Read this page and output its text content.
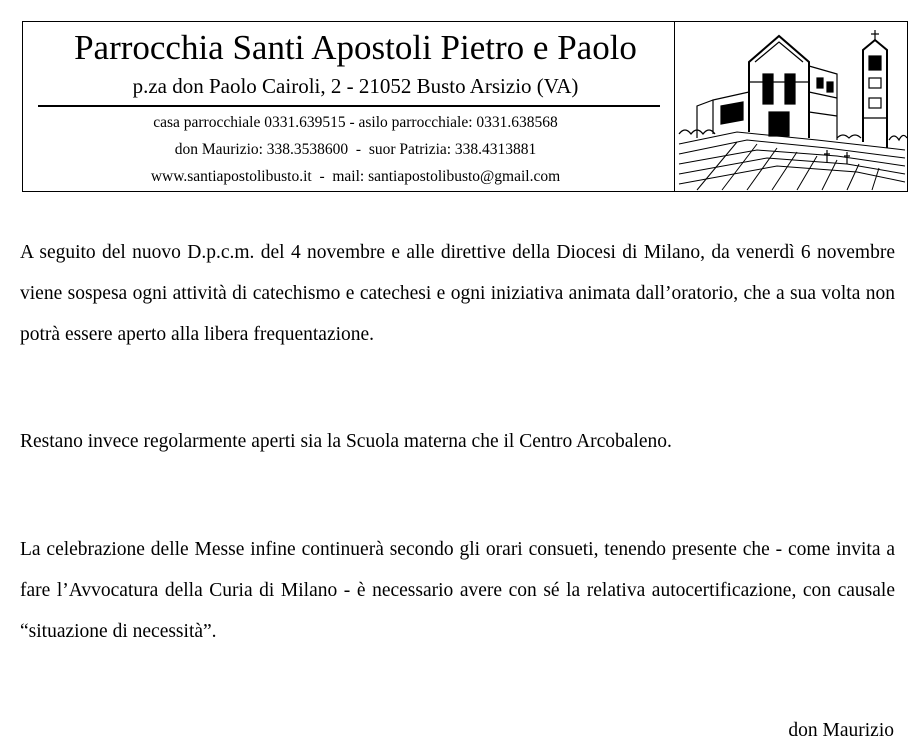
Parrocchia Santi Apostoli Pietro e Paolo
p.za don Paolo Cairoli, 2 - 21052 Busto Arsizio (VA)
casa parrocchiale 0331.639515 - asilo parrocchiale: 0331.638568
don Maurizio: 338.3538600  -  suor Patrizia: 338.4313881
www.santiapostolibusto.it  -  mail: santiapostolibusto@gmail.com

A seguito del nuovo D.p.c.m. del 4 novembre e alle direttive della Diocesi di Milano, da venerdì 6 novembre viene sospesa ogni attività di catechismo e catechesi e ogni iniziativa animata dall’oratorio, che a sua volta non potrà essere aperto alla libera frequentazione.

Restano invece regolarmente aperti sia la Scuola materna che il Centro Arcobaleno.

La celebrazione delle Messe infine continuerà secondo gli orari consueti, tenendo presente che - come invita a fare l’Avvocatura della Curia di Milano - è necessario avere con sé la relativa autocertificazione, con causale “situazione di necessità”.

don Maurizio
